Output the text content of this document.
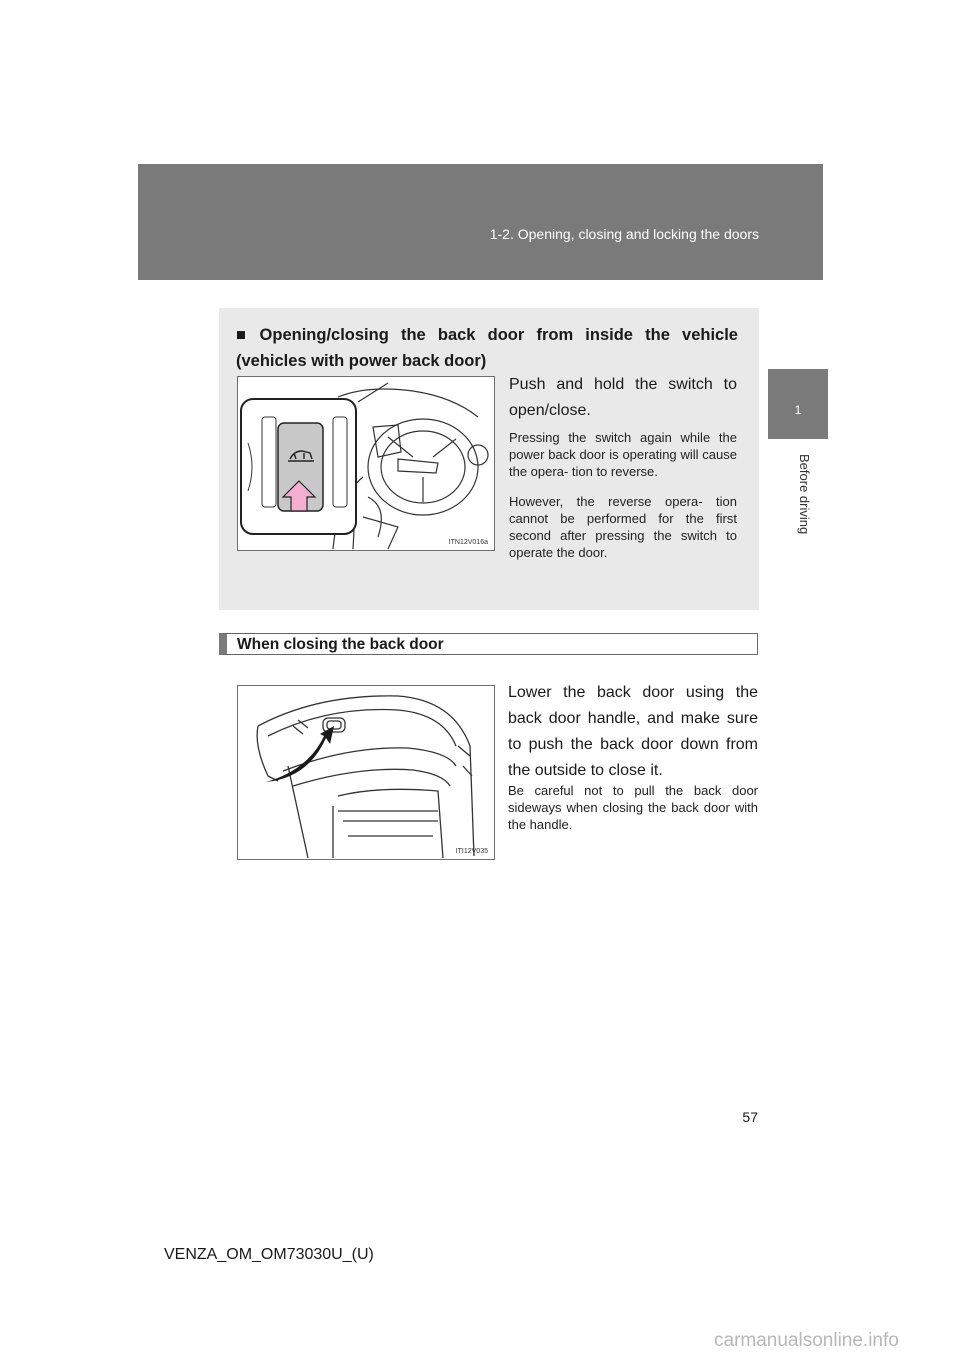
1-2. Opening, closing and locking the doors
1
Before driving
■ Opening/closing the back door from inside the vehicle (vehicles with power back door)
ITN12V016a
Push and hold the switch to open/close.
Pressing the switch again while the power back door is operating will cause the opera- tion to reverse.
However, the reverse opera- tion cannot be performed for the first second after pressing the switch to operate the door.
When closing the back door
ITI12V035
Lower the back door using the back door handle, and make sure to push the back door down from the outside to close it.
Be careful not to pull the back door sideways when closing the back door with the handle.
57
VENZA_OM_OM73030U_(U)
carmanualsonline.info
